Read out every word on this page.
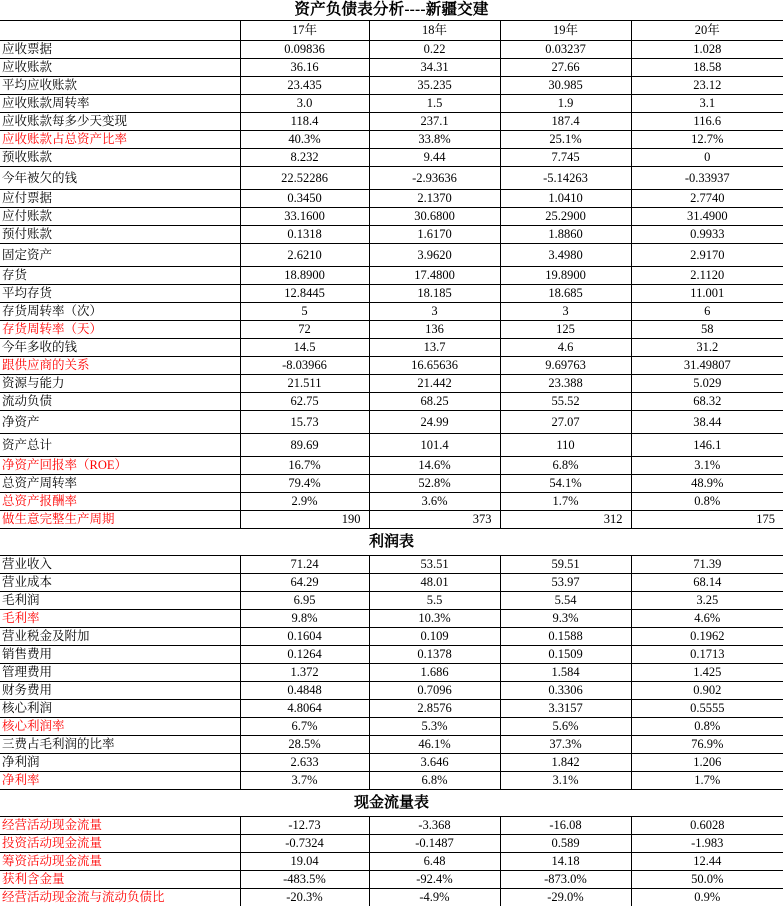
资产负债表分析----新疆交建				
	17年	18年	19年	20年
应收票据	0.09836	0.22	0.03237	1.028
应收账款	36.16	34.31	27.66	18.58
平均应收账款	23.435	35.235	30.985	23.12
应收账款周转率	3.0	1.5	1.9	3.1
应收账款每多少天变现	118.4	237.1	187.4	116.6
应收账款占总资产比率	40.3%	33.8%	25.1%	12.7%
预收账款	8.232	9.44	7.745	0
今年被欠的钱	22.52286	-2.93636	-5.14263	-0.33937
应付票据	0.3450	2.1370	1.0410	2.7740
应付账款	33.1600	30.6800	25.2900	31.4900
预付账款	0.1318	1.6170	1.8860	0.9933
固定资产	2.6210	3.9620	3.4980	2.9170
存货	18.8900	17.4800	19.8900	2.1120
平均存货	12.8445	18.185	18.685	11.001
存货周转率（次）	5	3	3	6
存货周转率（天）	72	136	125	58
今年多收的钱	14.5	13.7	4.6	31.2
跟供应商的关系	-8.03966	16.65636	9.69763	31.49807
资源与能力	21.511	21.442	23.388	5.029
流动负债	62.75	68.25	55.52	68.32
净资产	15.73	24.99	27.07	38.44
资产总计	89.69	101.4	110	146.1
净资产回报率（ROE）	16.7%	14.6%	6.8%	3.1%
总资产周转率	79.4%	52.8%	54.1%	48.9%
总资产报酬率	2.9%	3.6%	1.7%	0.8%
做生意完整生产周期	190	373	312	175
利润表				
营业收入	71.24	53.51	59.51	71.39
营业成本	64.29	48.01	53.97	68.14
毛利润	6.95	5.5	5.54	3.25
毛利率	9.8%	10.3%	9.3%	4.6%
营业税金及附加	0.1604	0.109	0.1588	0.1962
销售费用	0.1264	0.1378	0.1509	0.1713
管理费用	1.372	1.686	1.584	1.425
财务费用	0.4848	0.7096	0.3306	0.902
核心利润	4.8064	2.8576	3.3157	0.5555
核心利润率	6.7%	5.3%	5.6%	0.8%
三费占毛利润的比率	28.5%	46.1%	37.3%	76.9%
净利润	2.633	3.646	1.842	1.206
净利率	3.7%	6.8%	3.1%	1.7%
现金流量表				
经营活动现金流量	-12.73	-3.368	-16.08	0.6028
投资活动现金流量	-0.7324	-0.1487	0.589	-1.983
筹资活动现金流量	19.04	6.48	14.18	12.44
获利含金量	-483.5%	-92.4%	-873.0%	50.0%
经营活动现金流与流动负债比	-20.3%	-4.9%	-29.0%	0.9%
